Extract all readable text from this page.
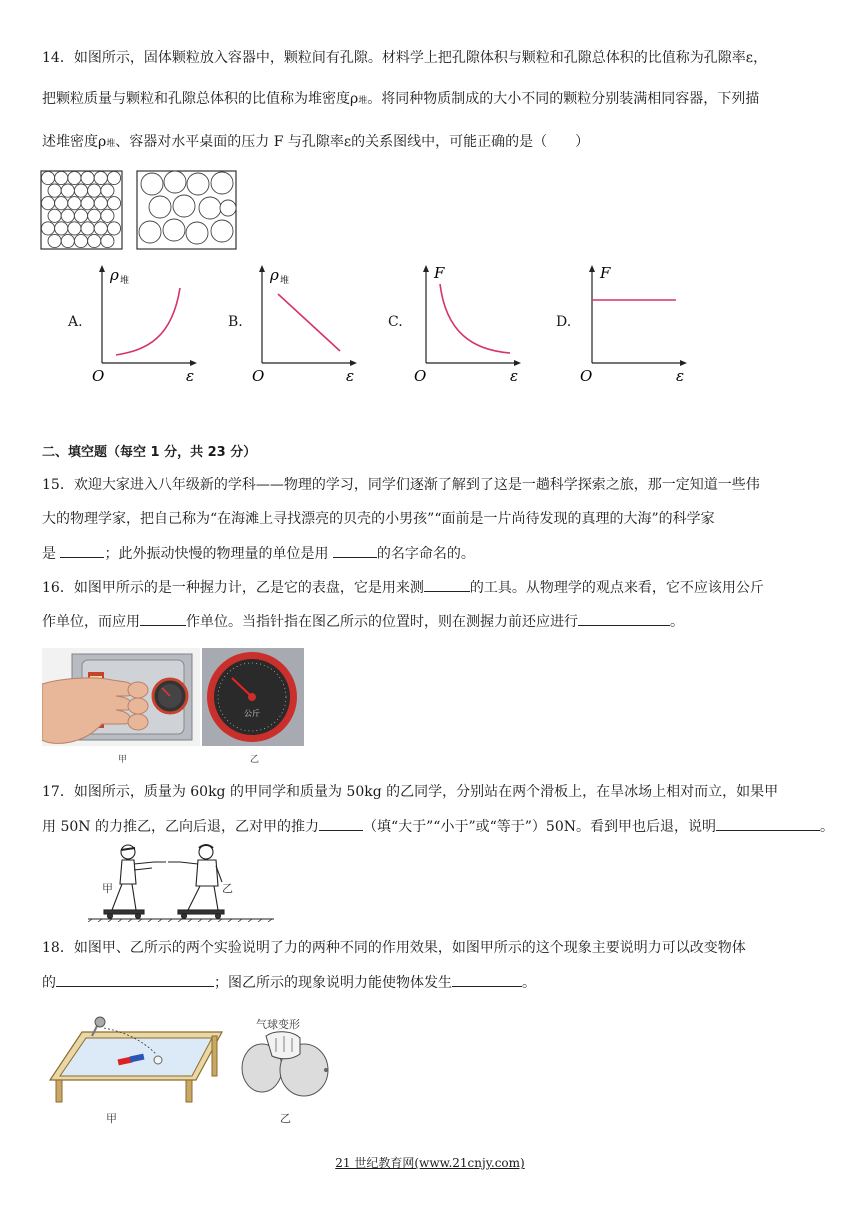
14．如图所示，固体颗粒放入容器中，颗粒间有孔隙。材料学上把孔隙体积与颗粒和孔隙总体积的比值称为孔隙率ε，
把颗粒质量与颗粒和孔隙总体积的比值称为堆密度ρ堆。将同种物质制成的大小不同的颗粒分别装满相同容器，下列描
述堆密度ρ堆、容器对水平桌面的压力 F 与孔隙率ε的关系图线中，可能正确的是（　　）
A.	B.	C.	D.
ρ 堆
O	ε
ρ 堆
O	ε
F
O	ε
F
O	ε
二、填空题（每空 1 分，共 23 分）
15．欢迎大家进入八年级新的学科——物理的学习，同学们逐渐了解到了这是一趟科学探索之旅，那一定知道一些伟
大的物理学家，把自己称为“在海滩上寻找漂亮的贝壳的小男孩”“面前是一片尚待发现的真理的大海”的科学家
是	；此外振动快慢的物理量的单位是用	的名字命名的。
16．如图甲所示的是一种握力计，乙是它的表盘，它是用来测	的工具。从物理学的观点来看，它不应该用公斤
作单位，而应用	作单位。当指针指在图乙所示的位置时，则在测握力前还应进行	。
公斤
甲	乙
17．如图所示，质量为 60kg 的甲同学和质量为 50kg 的乙同学，分别站在两个滑板上，在旱冰场上相对而立，如果甲
用 50N 的力推乙，乙向后退，乙对甲的推力	（填“大于”“小于”或“等于”）50N。看到甲也后退，说明	。
甲	乙
18．如图甲、乙所示的两个实验说明了力的两种不同的作用效果，如图甲所示的这个现象主要说明力可以改变物体
的	；图乙所示的现象说明力能使物体发生	。
气球变形
甲	乙
21 世纪教育网(www.21cnjy.com)
